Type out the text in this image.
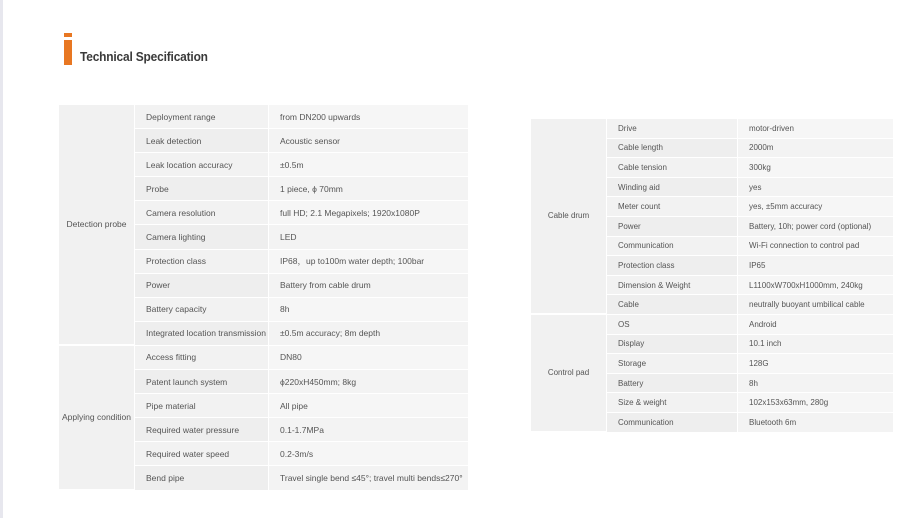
Technical Specification
Detection probe	Deployment range	from DN200 upwards
	Leak detection	Acoustic sensor
	Leak location accuracy	±0.5m
	Probe	1 piece, ϕ 70mm
	Camera resolution	full HD; 2.1 Megapixels; 1920x1080P
	Camera lighting	LED
	Protection class	IP68，up to100m water depth; 100bar
	Power	Battery from cable drum
	Battery capacity	8h
	Integrated location transmission	±0.5m accuracy; 8m depth
Applying condition	Access fitting	DN80
	Patent launch system	ϕ220xH450mm; 8kg
	Pipe material	All pipe
	Required water pressure	0.1-1.7MPa
	Required water speed	0.2-3m/s
	Bend pipe	Travel single bend ≤45°; travel multi bends≤270°
Cable drum	Drive	motor-driven
	Cable length	2000m
	Cable tension	300kg
	Winding aid	yes
	Meter count	yes, ±5mm accuracy
	Power	Battery, 10h; power cord (optional)
	Communication	Wi-Fi connection to control pad
	Protection class	IP65
	Dimension & Weight	L1100xW700xH1000mm, 240kg
	Cable	neutrally buoyant umbilical cable
Control pad	OS	Android
	Display	10.1 inch
	Storage	128G
	Battery	8h
	Size & weight	102x153x63mm, 280g
	Communication	Bluetooth 6m
